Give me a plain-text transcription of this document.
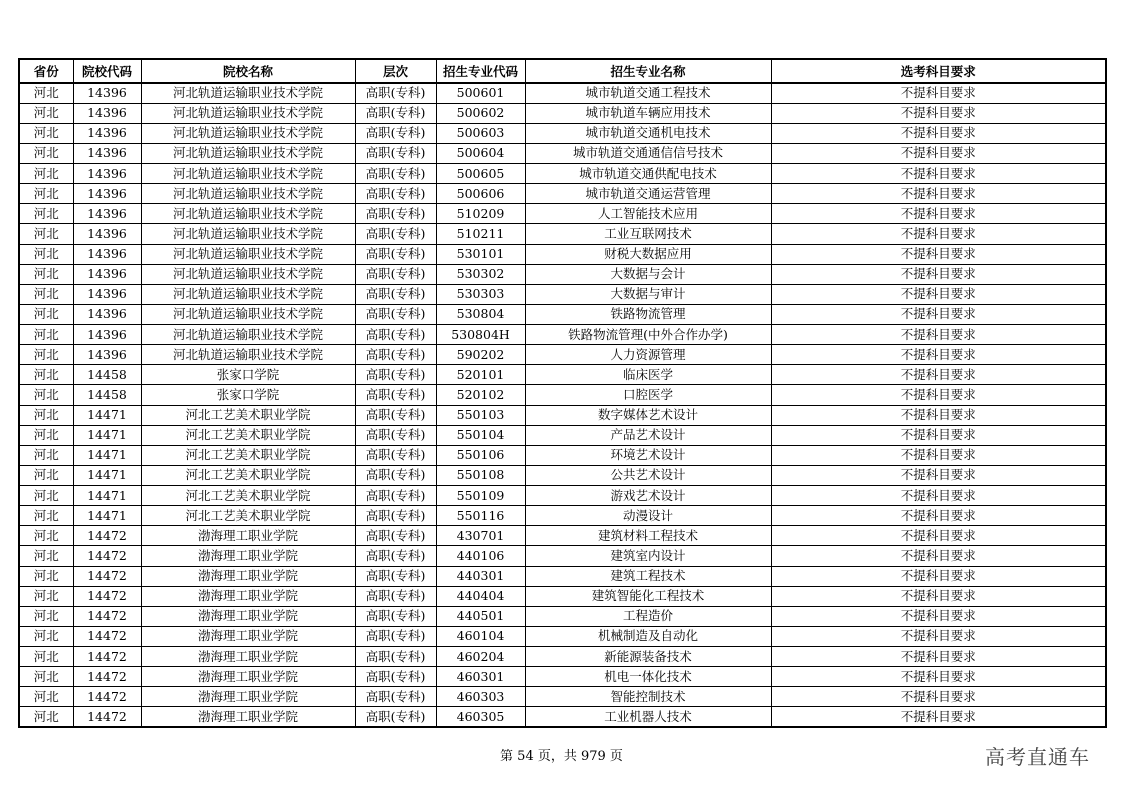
省份	院校代码	院校名称	层次	招生专业代码	招生专业名称	选考科目要求
河北	14396	河北轨道运输职业技术学院	高职(专科)	500601	城市轨道交通工程技术	不提科目要求
河北	14396	河北轨道运输职业技术学院	高职(专科)	500602	城市轨道车辆应用技术	不提科目要求
河北	14396	河北轨道运输职业技术学院	高职(专科)	500603	城市轨道交通机电技术	不提科目要求
河北	14396	河北轨道运输职业技术学院	高职(专科)	500604	城市轨道交通通信信号技术	不提科目要求
河北	14396	河北轨道运输职业技术学院	高职(专科)	500605	城市轨道交通供配电技术	不提科目要求
河北	14396	河北轨道运输职业技术学院	高职(专科)	500606	城市轨道交通运营管理	不提科目要求
河北	14396	河北轨道运输职业技术学院	高职(专科)	510209	人工智能技术应用	不提科目要求
河北	14396	河北轨道运输职业技术学院	高职(专科)	510211	工业互联网技术	不提科目要求
河北	14396	河北轨道运输职业技术学院	高职(专科)	530101	财税大数据应用	不提科目要求
河北	14396	河北轨道运输职业技术学院	高职(专科)	530302	大数据与会计	不提科目要求
河北	14396	河北轨道运输职业技术学院	高职(专科)	530303	大数据与审计	不提科目要求
河北	14396	河北轨道运输职业技术学院	高职(专科)	530804	铁路物流管理	不提科目要求
河北	14396	河北轨道运输职业技术学院	高职(专科)	530804H	铁路物流管理(中外合作办学)	不提科目要求
河北	14396	河北轨道运输职业技术学院	高职(专科)	590202	人力资源管理	不提科目要求
河北	14458	张家口学院	高职(专科)	520101	临床医学	不提科目要求
河北	14458	张家口学院	高职(专科)	520102	口腔医学	不提科目要求
河北	14471	河北工艺美术职业学院	高职(专科)	550103	数字媒体艺术设计	不提科目要求
河北	14471	河北工艺美术职业学院	高职(专科)	550104	产品艺术设计	不提科目要求
河北	14471	河北工艺美术职业学院	高职(专科)	550106	环境艺术设计	不提科目要求
河北	14471	河北工艺美术职业学院	高职(专科)	550108	公共艺术设计	不提科目要求
河北	14471	河北工艺美术职业学院	高职(专科)	550109	游戏艺术设计	不提科目要求
河北	14471	河北工艺美术职业学院	高职(专科)	550116	动漫设计	不提科目要求
河北	14472	渤海理工职业学院	高职(专科)	430701	建筑材料工程技术	不提科目要求
河北	14472	渤海理工职业学院	高职(专科)	440106	建筑室内设计	不提科目要求
河北	14472	渤海理工职业学院	高职(专科)	440301	建筑工程技术	不提科目要求
河北	14472	渤海理工职业学院	高职(专科)	440404	建筑智能化工程技术	不提科目要求
河北	14472	渤海理工职业学院	高职(专科)	440501	工程造价	不提科目要求
河北	14472	渤海理工职业学院	高职(专科)	460104	机械制造及自动化	不提科目要求
河北	14472	渤海理工职业学院	高职(专科)	460204	新能源装备技术	不提科目要求
河北	14472	渤海理工职业学院	高职(专科)	460301	机电一体化技术	不提科目要求
河北	14472	渤海理工职业学院	高职(专科)	460303	智能控制技术	不提科目要求
河北	14472	渤海理工职业学院	高职(专科)	460305	工业机器人技术	不提科目要求
第 54 页，共 979 页	高考直通车
